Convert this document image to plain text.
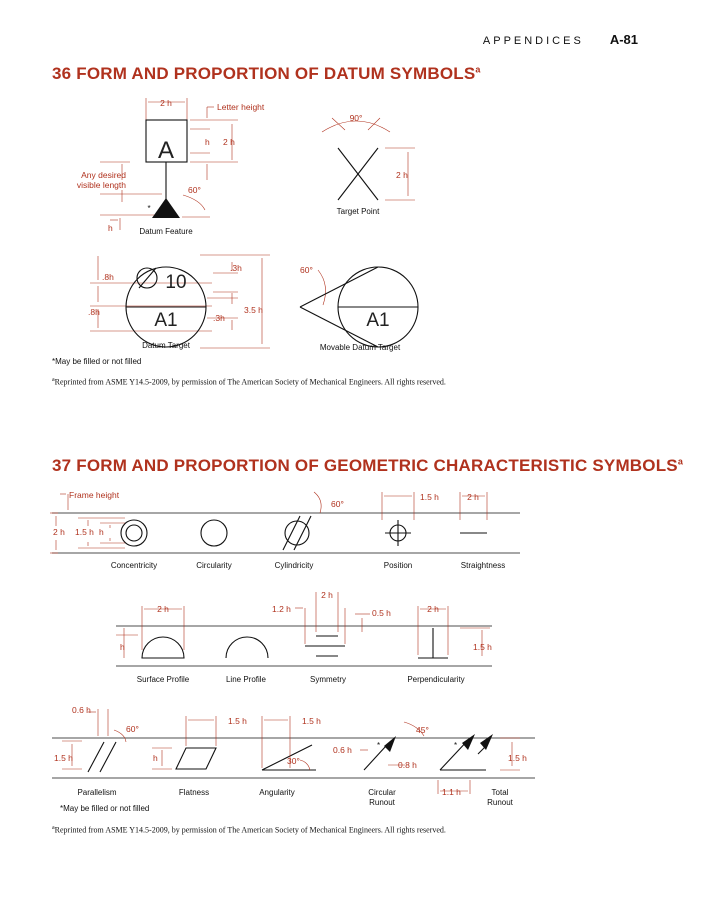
APPENDICES A-81
36 FORM AND PROPORTION OF DATUM SYMBOLS$^a$
A
10
A1	A1
*
2 h	Letter height
h 2 h
Any desired
visible length	60°
h
90°
2 h
.8h
.8h
.3h
.3h
3.5 h
60°
Datum Feature
Target Point
Datum Target	Movable Datum Target
*May be filled or not filled
$^a$Reprinted from ASME Y14.5-2009, by permission of The American Society of Mechanical Engineers. All rights reserved.
37 FORM AND PROPORTION OF GEOMETRIC CHARACTERISTIC SYMBOLS$^a$
Frame height
2 h 1.5 h h
60°
1.5 h	2 h
Concentricity	Circularity	Cylindricity	Position	Straightness
2 h
h
2 h
1.2 h	0.5 h	2 h
1.5 h
Surface Profile	Line Profile	Symmetry	Perpendicularity
0.6 h
60°
1.5 h	h
1.5 h	1.5 h
30°
45°
0.6 h
0.8 h
1.1 h
1.5 h
*	*
Parallelism	Flatness	Angularity	Circular
Runout
Total
Runout
*May be filled or not filled
$^a$Reprinted from ASME Y14.5-2009, by permission of The American Society of Mechanical Engineers. All rights reserved.
